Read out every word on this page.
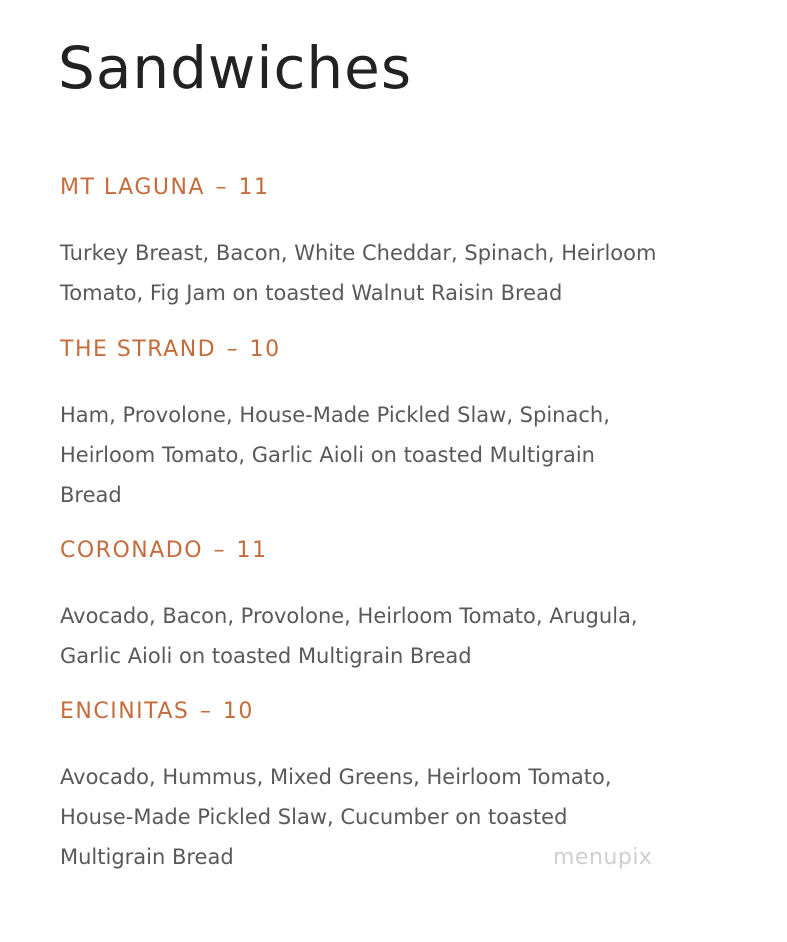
Sandwiches
MT LAGUNA – 11

Turkey Breast, Bacon, White Cheddar, Spinach, Heirloom
Tomato, Fig Jam on toasted Walnut Raisin Bread

THE STRAND – 10

Ham, Provolone, House-Made Pickled Slaw, Spinach,
Heirloom Tomato, Garlic Aioli on toasted Multigrain
Bread

CORONADO – 11

Avocado, Bacon, Provolone, Heirloom Tomato, Arugula,
Garlic Aioli on toasted Multigrain Bread

ENCINITAS – 10

Avocado, Hummus, Mixed Greens, Heirloom Tomato,
House-Made Pickled Slaw, Cucumber on toasted
Multigrain Bread	menupix
